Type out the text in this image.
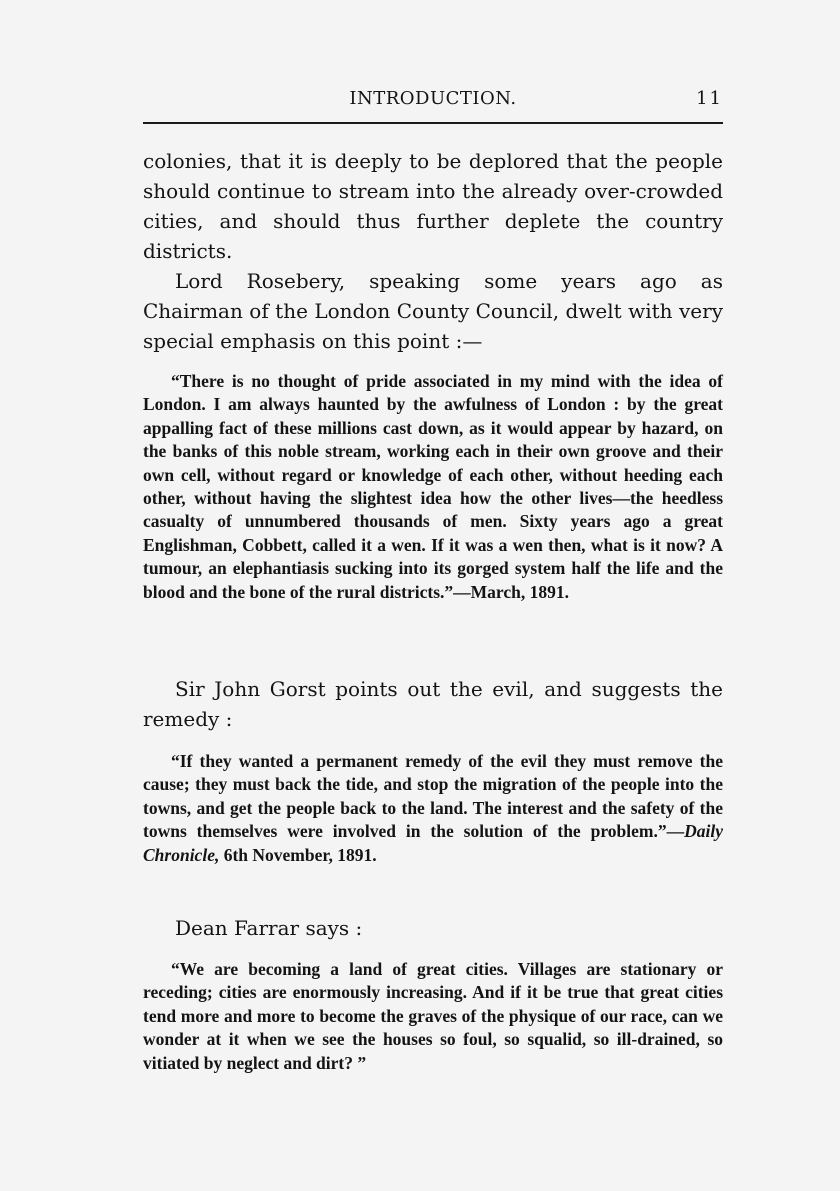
INTRODUCTION.	11

colonies, that it is deeply to be deplored that the people should continue to stream into the already over-crowded cities, and should thus further deplete the country districts.

Lord Rosebery, speaking some years ago as Chairman of the London County Council, dwelt with very special emphasis on this point :—

“There is no thought of pride associated in my mind with the idea of London. I am always haunted by the awfulness of London : by the great appalling fact of these millions cast down, as it would appear by hazard, on the banks of this noble stream, working each in their own groove and their own cell, without regard or knowledge of each other, without heeding each other, without having the slightest idea how the other lives—the heedless casualty of unnumbered thousands of men. Sixty years ago a great Englishman, Cobbett, called it a wen. If it was a wen then, what is it now? A tumour, an elephantiasis sucking into its gorged system half the life and the blood and the bone of the rural districts.”—March, 1891.

Sir John Gorst points out the evil, and suggests the remedy :

“If they wanted a permanent remedy of the evil they must remove the cause; they must back the tide, and stop the migration of the people into the towns, and get the people back to the land. The interest and the safety of the towns themselves were involved in the solution of the problem.”—Daily Chronicle, 6th November, 1891.

Dean Farrar says :

“We are becoming a land of great cities. Villages are stationary or receding; cities are enormously increasing. And if it be true that great cities tend more and more to become the graves of the physique of our race, can we wonder at it when we see the houses so foul, so squalid, so ill-drained, so vitiated by neglect and dirt? ”
